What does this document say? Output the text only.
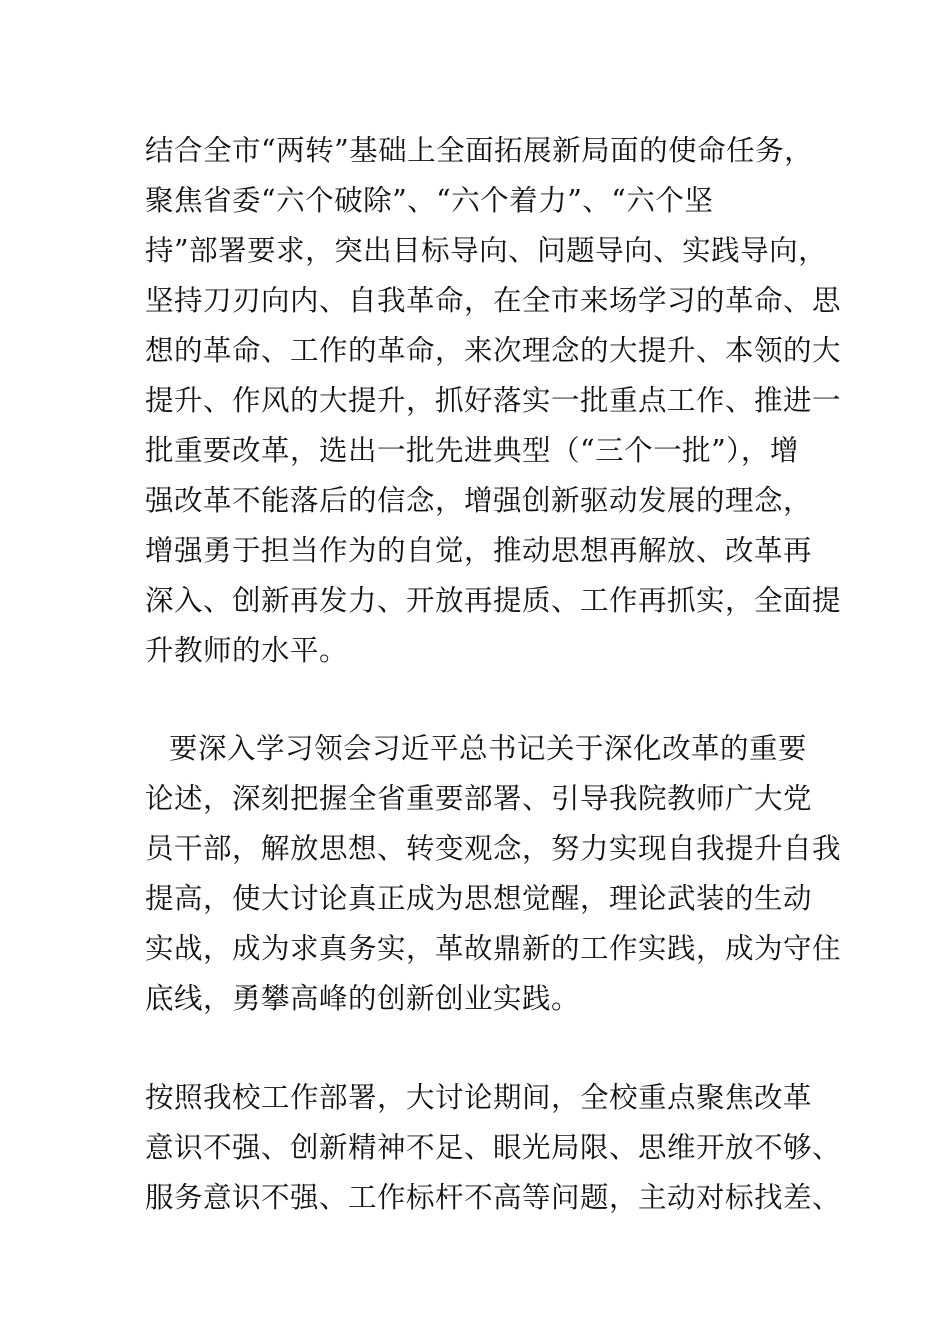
结合全市“两转”基础上全面拓展新局面的使命任务，
聚焦省委“六个破除”、“六个着力”、“六个坚
持”部署要求，突出目标导向、问题导向、实践导向，
坚持刀刃向内、自我革命，在全市来场学习的革命、思
想的革命、工作的革命，来次理念的大提升、本领的大
提升、作风的大提升，抓好落实一批重点工作、推进一
批重要改革，选出一批先进典型（“三个一批”），增
强改革不能落后的信念，增强创新驱动发展的理念，
增强勇于担当作为的自觉，推动思想再解放、改革再
深入、创新再发力、开放再提质、工作再抓实，全面提
升教师的水平。
要深入学习领会习近平总书记关于深化改革的重要
论述，深刻把握全省重要部署、引导我院教师广大党
员干部，解放思想、转变观念，努力实现自我提升自我
提高，使大讨论真正成为思想觉醒，理论武装的生动
实战，成为求真务实，革故鼎新的工作实践，成为守住
底线，勇攀高峰的创新创业实践。
按照我校工作部署，大讨论期间，全校重点聚焦改革
意识不强、创新精神不足、眼光局限、思维开放不够、
服务意识不强、工作标杆不高等问题，主动对标找差、
